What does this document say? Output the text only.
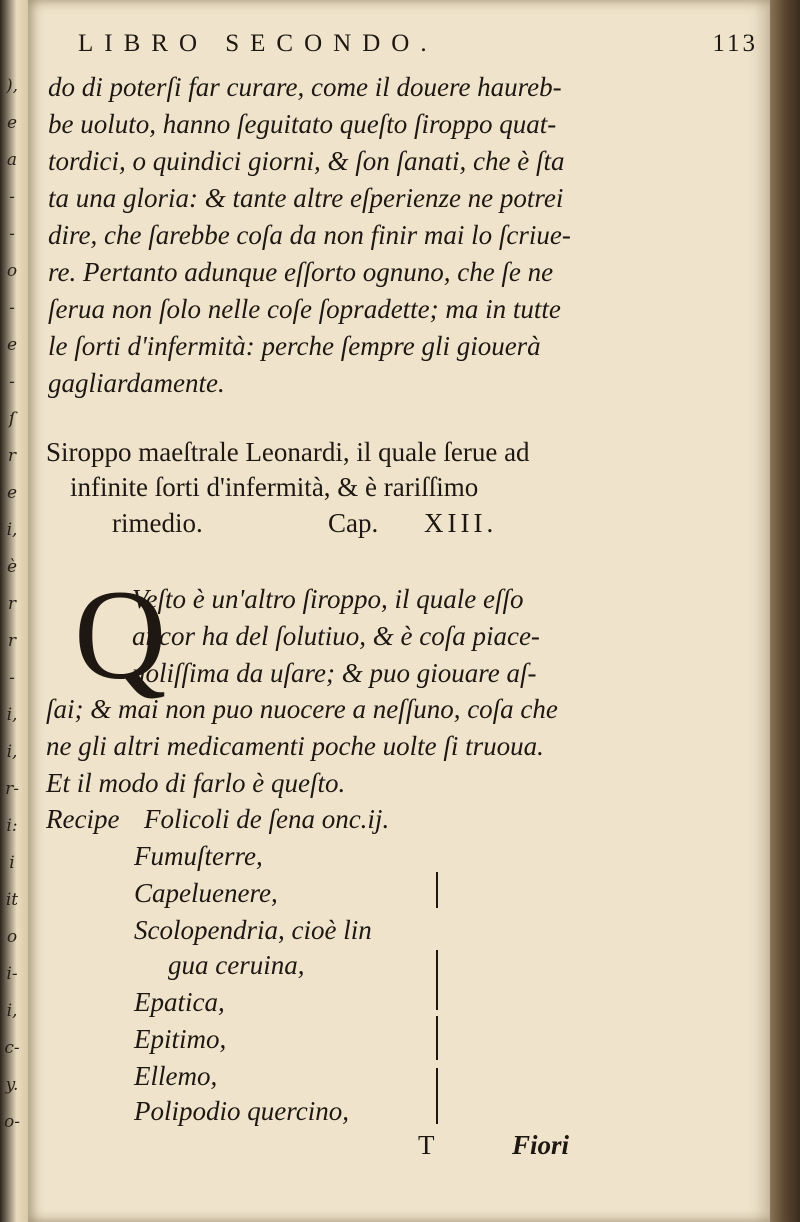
),
e
a
-
-
o
-
e
-
ſ
r
e
i,
è
r
r
-
i,
i,
r-
i:
i
it
o
i-
i,
c-
y.
o-
LIBRO SECONDO.	113
do di poterſi far curare, come il douere haureb-
be uoluto, hanno ſeguitato queſto ſiroppo quat-
tordici, o quindici giorni, & ſon ſanati, che è ſta
ta una gloria: & tante altre eſperienze ne potrei
dire, che ſarebbe coſa da non finir mai lo ſcriue-
re. Pertanto adunque eſſorto ognuno, che ſe ne
ſerua non ſolo nelle coſe ſopradette; ma in tutte
le ſorti d'infermità: perche ſempre gli giouerà
gagliardamente.
Siroppo maeſtrale Leonardi, il quale ſerue ad
infinite ſorti d'infermità, & è rariſſimo
rimedio.	Cap. XIII.
Q
Veſto è un'altro ſiroppo, il quale eſſo
ancor ha del ſolutiuo, & è coſa piace-
uoliſſima da uſare; & puo giouare aſ-
ſai; & mai non puo nuocere a neſſuno, coſa che
ne gli altri medicamenti poche uolte ſi truoua.
Et il modo di farlo è queſto.
Recipe Folicoli de ſena onc.ij.
Fumuſterre,
Capeluenere,
Scolopendria, cioè lin
gua ceruina,
Epatica,
Epitimo,
Ellemo,
Polipodio quercino,
T	Fiori
